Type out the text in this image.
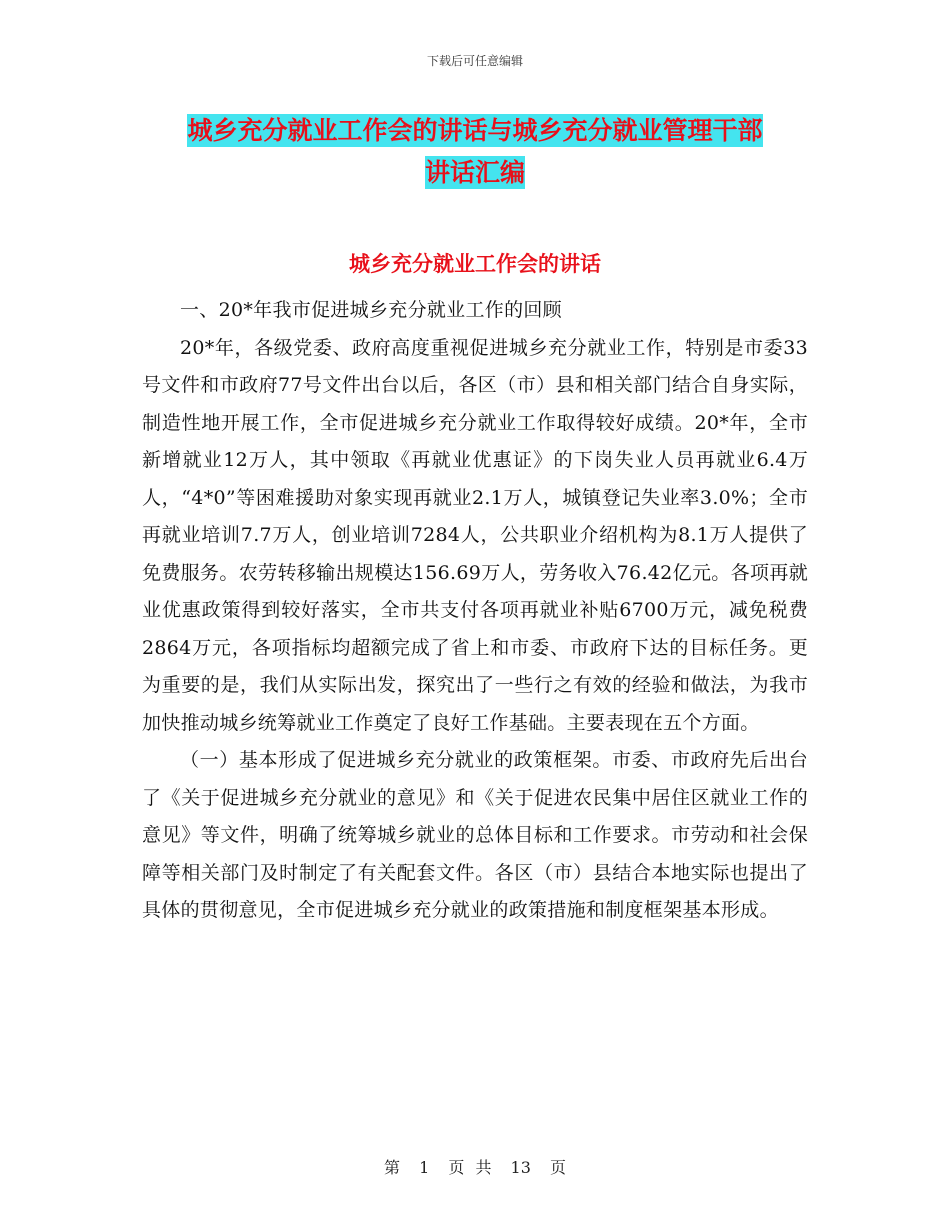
下载后可任意编辑
城乡充分就业工作会的讲话与城乡充分就业管理干部
讲话汇编
城乡充分就业工作会的讲话

一、20*年我市促进城乡充分就业工作的回顾

20*年，各级党委、政府高度重视促进城乡充分就业工作，特别是市委33号文件和市政府77号文件出台以后，各区（市）县和相关部门结合自身实际，制造性地开展工作，全市促进城乡充分就业工作取得较好成绩。20*年，全市新增就业12万人，其中领取《再就业优惠证》的下岗失业人员再就业6.4万人，“4*0”等困难援助对象实现再就业2.1万人，城镇登记失业率3.0%；全市再就业培训7.7万人，创业培训7284人，公共职业介绍机构为8.1万人提供了免费服务。农劳转移输出规模达156.69万人，劳务收入76.42亿元。各项再就业优惠政策得到较好落实，全市共支付各项再就业补贴6700万元，减免税费2864万元，各项指标均超额完成了省上和市委、市政府下达的目标任务。更为重要的是，我们从实际出发，探究出了一些行之有效的经验和做法，为我市加快推动城乡统筹就业工作奠定了良好工作基础。主要表现在五个方面。

（一）基本形成了促进城乡充分就业的政策框架。市委、市政府先后出台了《关于促进城乡充分就业的意见》和《关于促进农民集中居住区就业工作的意见》等文件，明确了统筹城乡就业的总体目标和工作要求。市劳动和社会保障等相关部门及时制定了有关配套文件。各区（市）县结合本地实际也提出了具体的贯彻意见，全市促进城乡充分就业的政策措施和制度框架基本形成。

第 1 页 共 13 页
